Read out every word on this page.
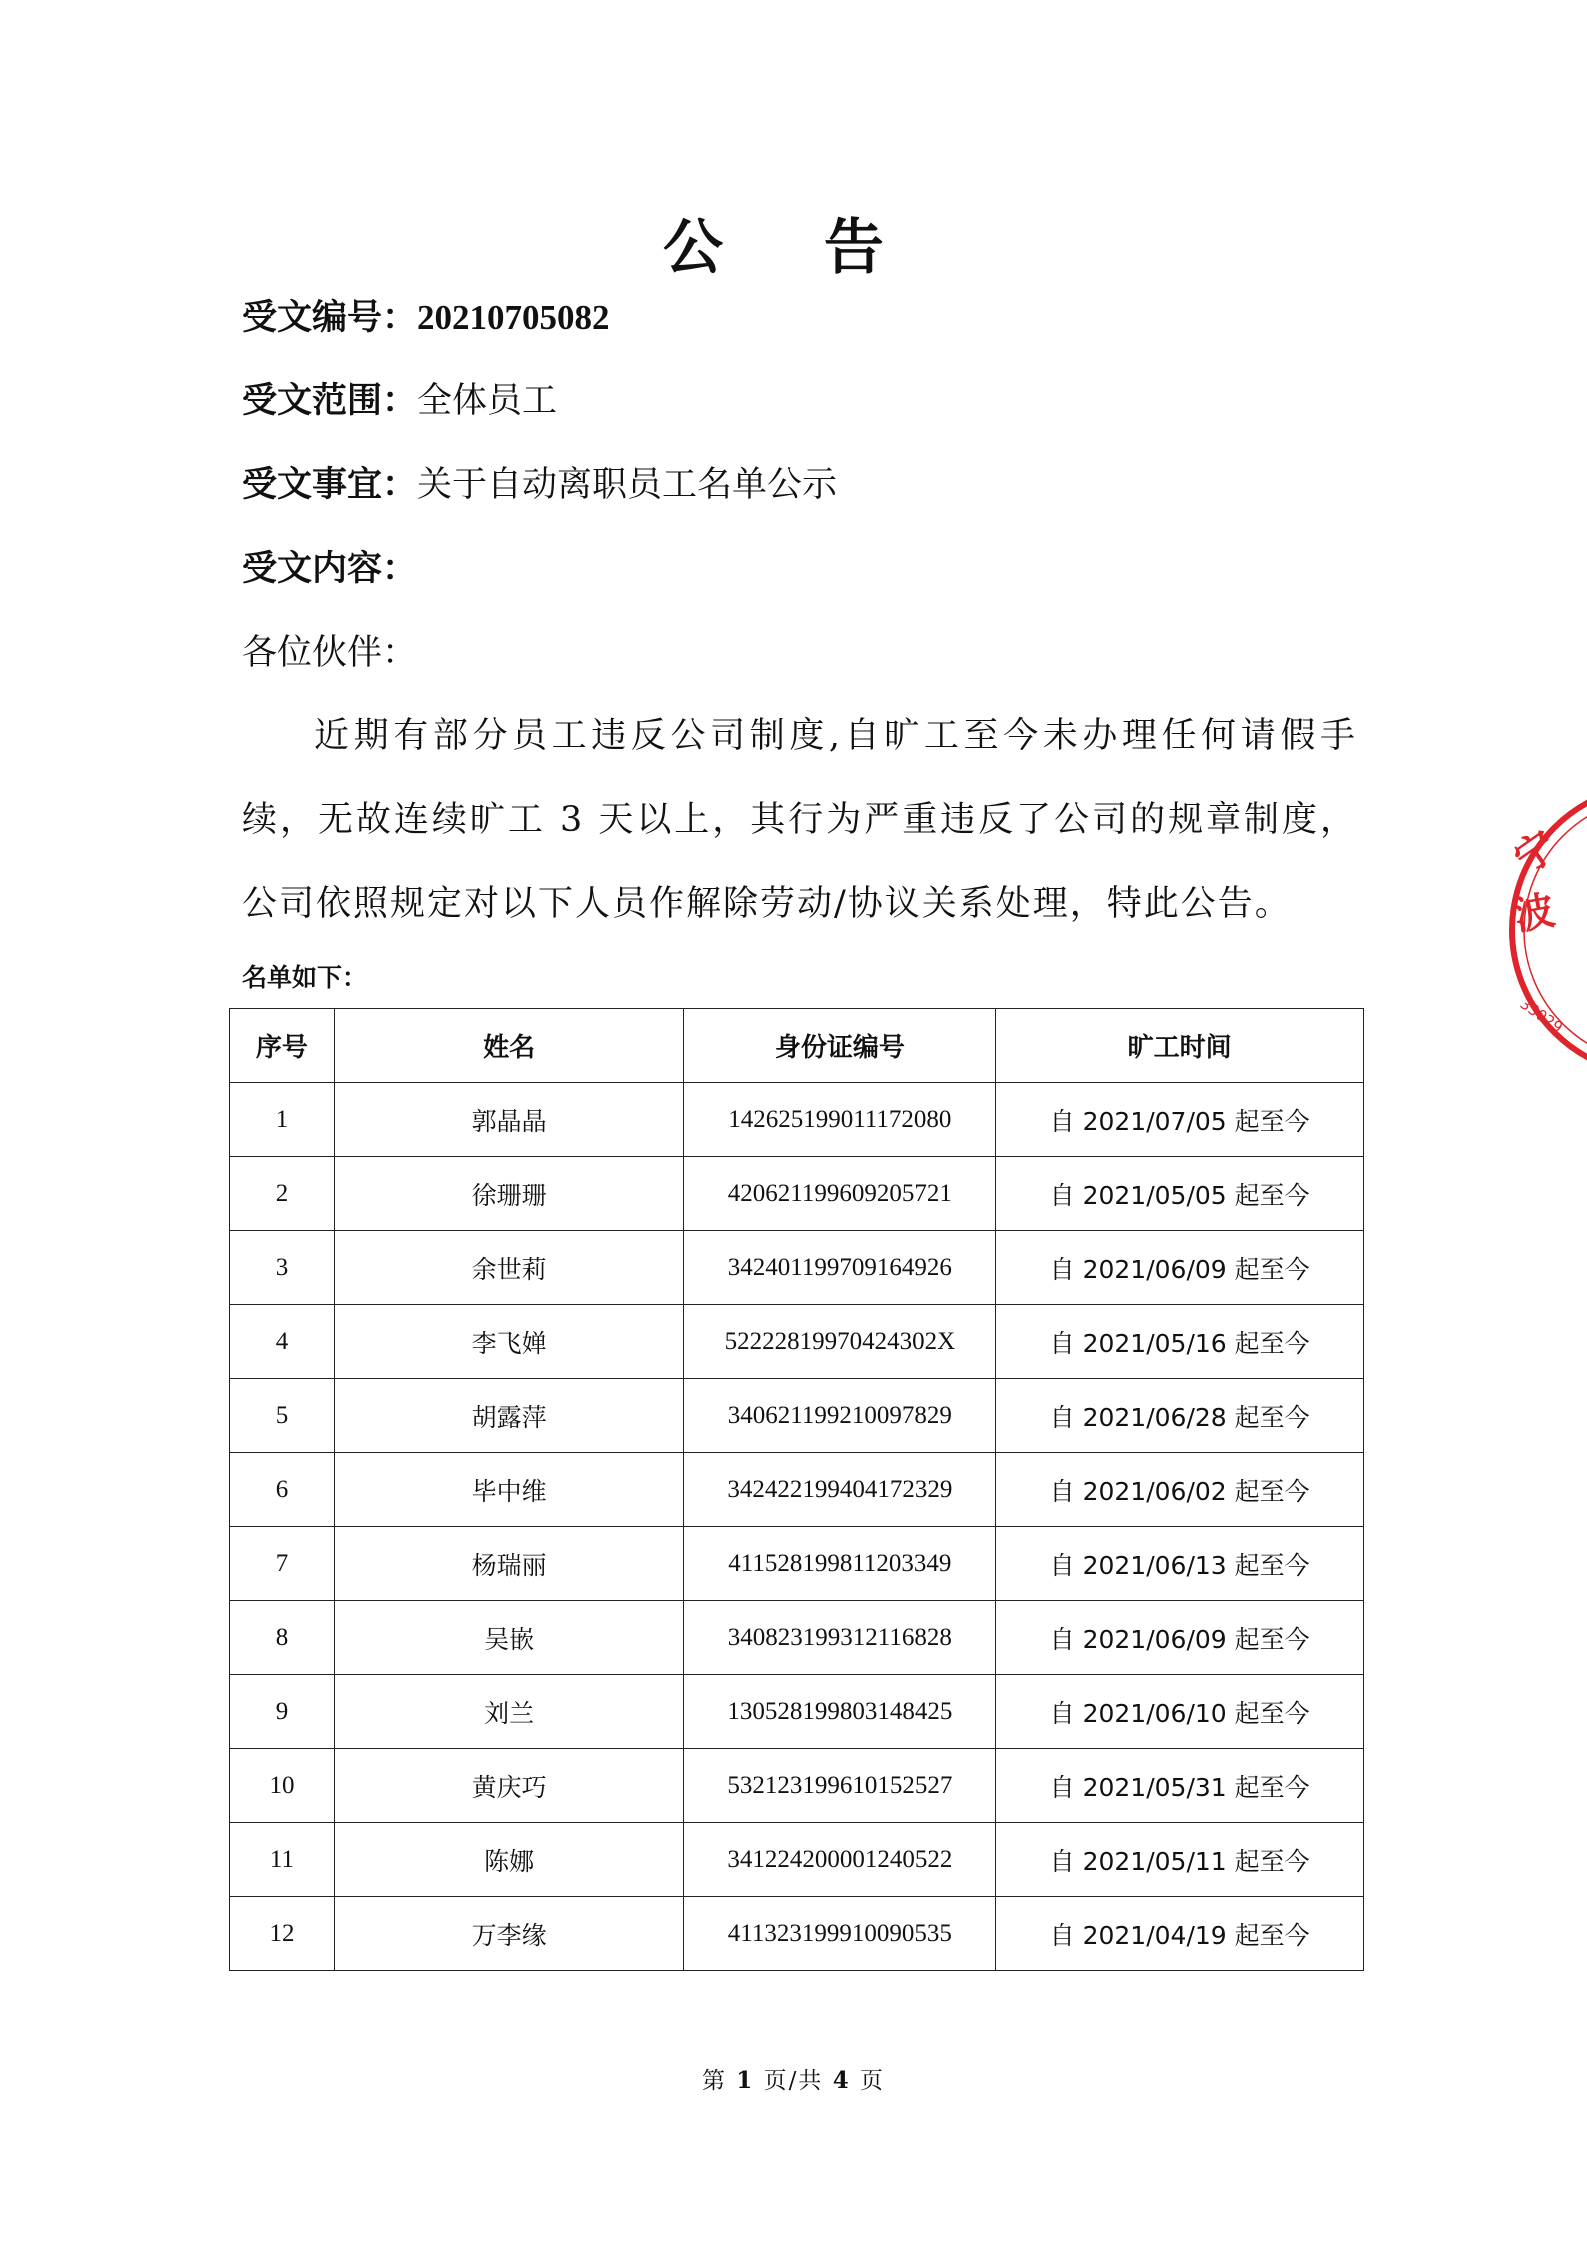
公 告
受文编号：20210705082
受文范围：全体员工
受文事宜：关于自动离职员工名单公示
受文内容：
各位伙伴：

近期有部分员工违反公司制度,自旷工至今未办理任何请假手续，无故连续旷工 3 天以上，其行为严重违反了公司的规章制度，公司依照规定对以下人员作解除劳动/协议关系处理，特此公告。

名单如下：
序号	姓名	身份证编号	旷工时间
1	郭晶晶	142625199011172080	自 2021/07/05 起至今
2	徐珊珊	420621199609205721	自 2021/05/05 起至今
3	余世莉	342401199709164926	自 2021/06/09 起至今
4	李飞婵	52222819970424302X	自 2021/05/16 起至今
5	胡露萍	340621199210097829	自 2021/06/28 起至今
6	毕中维	342422199404172329	自 2021/06/02 起至今
7	杨瑞丽	411528199811203349	自 2021/06/13 起至今
8	吴嵌	340823199312116828	自 2021/06/09 起至今
9	刘兰	130528199803148425	自 2021/06/10 起至今
10	黄庆巧	532123199610152527	自 2021/05/31 起至今
11	陈娜	341224200001240522	自 2021/05/11 起至今
12	万李缘	411323199910090535	自 2021/04/19 起至今
第 1 页/共 4 页
宁
波
33029
